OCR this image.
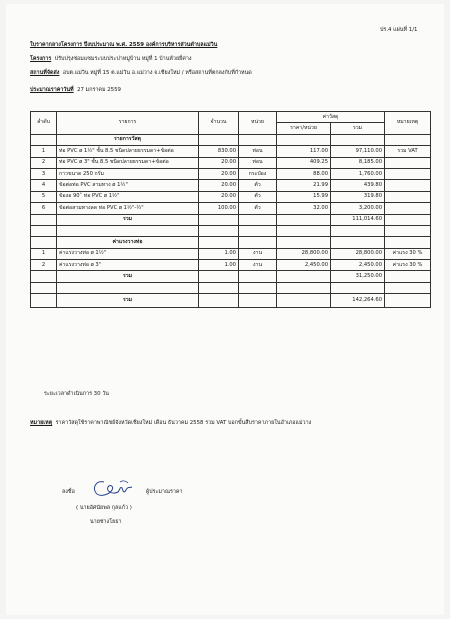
ปร.4 แผ่นที่ 1/1
ใบราคากลางโครงการ ปีงบประมาณ พ.ศ. 2559 องค์การบริหารส่วนตำบลแม่วิน
โครงการ ปรับปรุงซ่อมแซมระบบประปาหมู่บ้าน หมู่ที่ 1 บ้านห้วยยี่ค่าง
สถานที่จัดส่ง อบต.แม่วิน หมู่ที่ 15 ต.แม่วิน อ.แม่วาง จ.เชียงใหม่ / หรือสถานที่ตกลงกับที่กำหนด
ประมาณราคาวันที่ 27 มกราคม 2559
ลำดับ	รายการ	จำนวน	หน่วย	ค่าวัสดุ		หมายเหตุ
				ราคา/หน่วย	รวม	
	รายการวัสดุ					
1	ท่อ PVC ø 1½" ชั้น 8.5 ชนิดปลายธรรมดา+ข้อต่อ	830.00	ท่อน	117.00	97,110.00	รวม VAT
2	ท่อ PVC ø 3" ชั้น 8.5 ชนิดปลายธรรมดา+ข้อต่อ	20.00	ท่อน	409.25	8,185.00	
3	กาวขนาด 250 กรัม	20.00	กระป๋อง	88.00	1,760.00	
4	ข้อต่อท่อ PVC สามทาง ø 1½"	20.00	ตัว	21.99	439.80	
5	ข้องอ 90˚ ท่อ PVC ø 1½"	20.00	ตัว	15.99	319.80	
6	ข้อต่อสามทางลด ท่อ PVC ø 1½"-½"	100.00	ตัว	32.00	3,200.00	
	รวม				111,014.60	

	ค่าแรงวางท่อ					
1	ค่าแรงวางท่อ ø 1½"	1.00	งาน	28,800.00	28,800.00	ค่าแรง 30 %
2	ค่าแรงวางท่อ ø 3"	1.00	งาน	2,450.00	2,450.00	ค่าแรง 30 %
	รวม				31,250.00	

	รวม				142,264.60	
ระยะเวลาดำเนินการ 30 วัน
หมายเหตุ ราคาวัสดุใช้ราคาพาณิชย์จังหวัดเชียงใหม่ เดือน ธันวาคม 2558 รวม VAT บอกขั้นสืบราคาภายในอำเภอแม่วาง
ลงชื่อ	ผู้ประมาณราคา
( นายอัศนัยพล กุลแก้ว )
นายช่างโยธา
